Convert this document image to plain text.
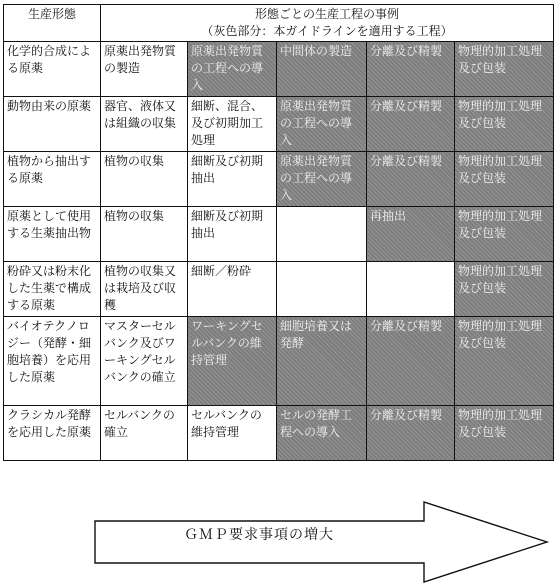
生産形態	形態ごとの生産工程の事例
（灰色部分：本ガイドラインを適用する工程）				

化学的合成による原薬	原薬出発物質の製造	原薬出発物質の工程への導入	中間体の製造	分離及び精製	物理的加工処理及び包装
動物由来の原薬	器官、液体又は組織の収集	細断、混合、及び初期加工処理	原薬出発物質の工程への導入	分離及び精製	物理的加工処理及び包装
植物から抽出する原薬	植物の収集	細断及び初期抽出	原薬出発物質の工程への導入	分離及び精製	物理的加工処理及び包装
原薬として使用する生薬抽出物	植物の収集	細断及び初期抽出		再抽出	物理的加工処理及び包装
粉砕又は粉末化した生薬で構成する原薬	植物の収集又は栽培及び収穫	細断／粉砕			物理的加工処理及び包装
バイオテクノロジー（発酵・細胞培養）を応用した原薬	マスターセルバンク及びワーキングセルバンクの確立	ワーキングセルバンクの維持管理	細胞培養又は発酵	分離及び精製	物理的加工処理及び包装
クラシカル発酵を応用した原薬	セルバンクの確立	セルバンクの維持管理	セルの発酵工程への導入	分離及び精製	物理的加工処理及び包装
ＧＭＰ要求事項の増大
